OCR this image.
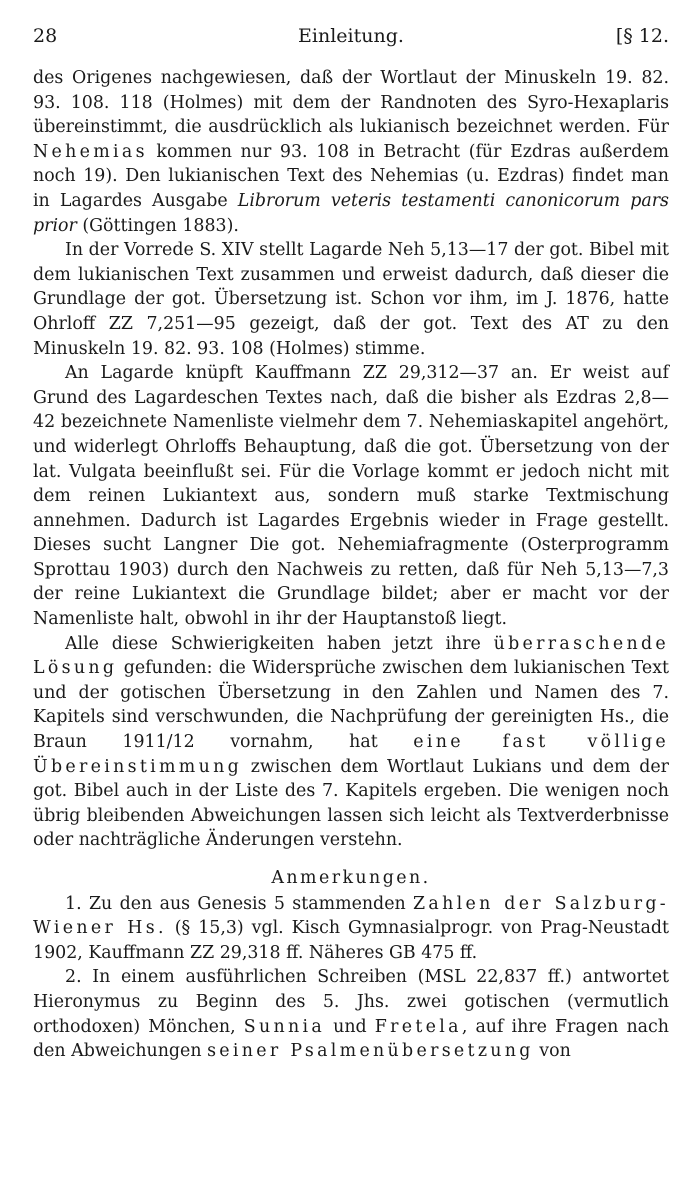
28	Einleitung.	[§ 12.

des Origenes nachgewiesen, daß der Wortlaut der Minuskeln 19. 82. 93. 108. 118 (Holmes) mit dem der Randnoten des Syro-Hexaplaris übereinstimmt, die ausdrücklich als lukianisch bezeichnet werden. Für Nehemias kommen nur 93. 108 in Betracht (für Ezdras außerdem noch 19). Den lukianischen Text des Nehemias (u. Ezdras) findet man in Lagardes Ausgabe Librorum veteris testamenti canonicorum pars prior (Göttingen 1883).

In der Vorrede S. XIV stellt Lagarde Neh 5,13—17 der got. Bibel mit dem lukianischen Text zusammen und erweist dadurch, daß dieser die Grundlage der got. Übersetzung ist. Schon vor ihm, im J. 1876, hatte Ohrloff ZZ 7,251—95 gezeigt, daß der got. Text des AT zu den Minuskeln 19. 82. 93. 108 (Holmes) stimme.

An Lagarde knüpft Kauffmann ZZ 29,312—37 an. Er weist auf Grund des Lagardeschen Textes nach, daß die bisher als Ezdras 2,8—42 bezeichnete Namenliste vielmehr dem 7. Nehemiaskapitel angehört, und widerlegt Ohrloffs Behauptung, daß die got. Übersetzung von der lat. Vulgata beeinflußt sei. Für die Vorlage kommt er jedoch nicht mit dem reinen Lukiantext aus, sondern muß starke Textmischung annehmen. Dadurch ist Lagardes Ergebnis wieder in Frage gestellt. Dieses sucht Langner Die got. Nehemiafragmente (Osterprogramm Sprottau 1903) durch den Nachweis zu retten, daß für Neh 5,13—7,3 der reine Lukiantext die Grundlage bildet; aber er macht vor der Namenliste halt, obwohl in ihr der Hauptanstoß liegt.

Alle diese Schwierigkeiten haben jetzt ihre überraschende Lösung gefunden: die Widersprüche zwischen dem lukianischen Text und der gotischen Übersetzung in den Zahlen und Namen des 7. Kapitels sind verschwunden, die Nachprüfung der gereinigten Hs., die Braun 1911/12 vornahm, hat eine fast völlige Übereinstimmung zwischen dem Wortlaut Lukians und dem der got. Bibel auch in der Liste des 7. Kapitels ergeben. Die wenigen noch übrig bleibenden Abweichungen lassen sich leicht als Textverderbnisse oder nachträgliche Änderungen verstehn.

Anmerkungen.

1. Zu den aus Genesis 5 stammenden Zahlen der Salzburg-Wiener Hs. (§ 15,3) vgl. Kisch Gymnasialprogr. von Prag-Neustadt 1902, Kauffmann ZZ 29,318 ff. Näheres GB 475 ff.

2. In einem ausführlichen Schreiben (MSL 22,837 ff.) antwortet Hieronymus zu Beginn des 5. Jhs. zwei gotischen (vermutlich orthodoxen) Mönchen, Sunnia und Fretela, auf ihre Fragen nach den Abweichungen seiner Psalmenübersetzung von
